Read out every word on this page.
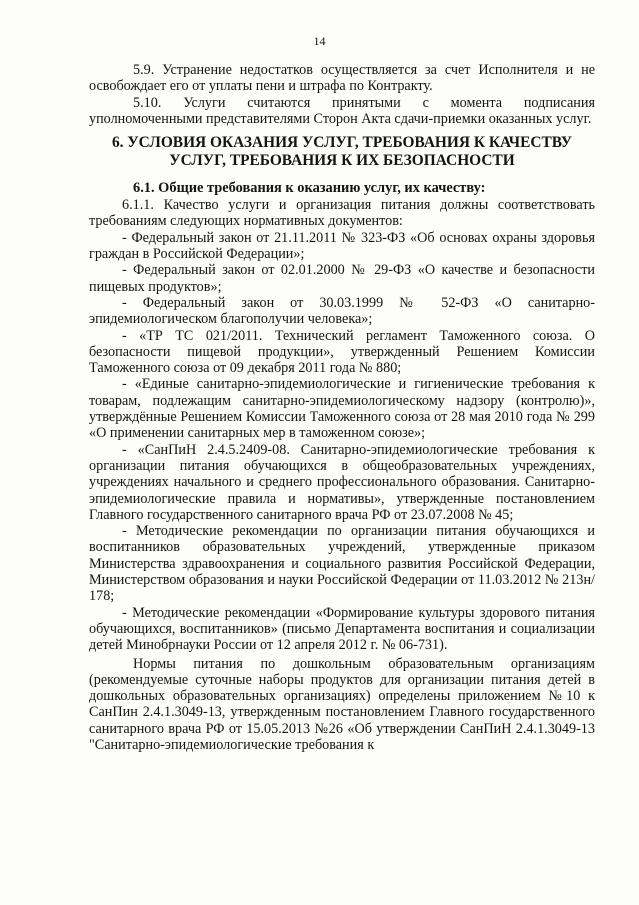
14

5.9. Устранение недостатков осуществляется за счет Исполнителя и не освобождает его от уплаты пени и штрафа по Контракту.

5.10. Услуги считаются принятыми с момента подписания уполномоченными представителями Сторон Акта сдачи-приемки оказанных услуг.

6. УСЛОВИЯ ОКАЗАНИЯ УСЛУГ, ТРЕБОВАНИЯ К КАЧЕСТВУ УСЛУГ, ТРЕБОВАНИЯ К ИХ БЕЗОПАСНОСТИ

6.1. Общие требования к оказанию услуг, их качеству:

6.1.1. Качество услуги и организация питания должны соответствовать требованиям следующих нормативных документов:

- Федеральный закон от 21.11.2011 № 323-ФЗ «Об основах охраны здоровья граждан в Российской Федерации»;

- Федеральный закон от 02.01.2000 № 29-ФЗ «О качестве и безопасности пищевых продуктов»;

- Федеральный закон от 30.03.1999 № 52-ФЗ «О санитарно-эпидемиологическом благополучии человека»;

- «ТР ТС 021/2011. Технический регламент Таможенного союза. О безопасности пищевой продукции», утвержденный Решением Комиссии Таможенного союза от 09 декабря 2011 года № 880;

- «Единые санитарно-эпидемиологические и гигиенические требования к товарам, подлежащим санитарно-эпидемиологическому надзору (контролю)», утверждённые Решением Комиссии Таможенного союза от 28 мая 2010 года № 299 «О применении санитарных мер в таможенном союзе»;

- «СанПиН 2.4.5.2409-08. Санитарно-эпидемиологические требования к организации питания обучающихся в общеобразовательных учреждениях, учреждениях начального и среднего профессионального образования. Санитарно-эпидемиологические правила и нормативы», утвержденные постановлением Главного государственного санитарного врача РФ от 23.07.2008 № 45;

- Методические рекомендации по организации питания обучающихся и воспитанников образовательных учреждений, утвержденные приказом Министерства здравоохранения и социального развития Российской Федерации, Министерством образования и науки Российской Федерации от 11.03.2012 № 213н/ 178;

- Методические рекомендации «Формирование культуры здорового питания обучающихся, воспитанников» (письмо Департамента воспитания и социализации детей Минобрнауки России от 12 апреля 2012 г. № 06-731).

Нормы питания по дошкольным образовательным организациям (рекомендуемые суточные наборы продуктов для организации питания детей в дошкольных образовательных организациях) определены приложением №10 к СанПин 2.4.1.3049-13, утвержденным постановлением Главного государственного санитарного врача РФ от 15.05.2013 №26 «Об утверждении СанПиН 2.4.1.3049-13 "Санитарно-эпидемиологические требования к
